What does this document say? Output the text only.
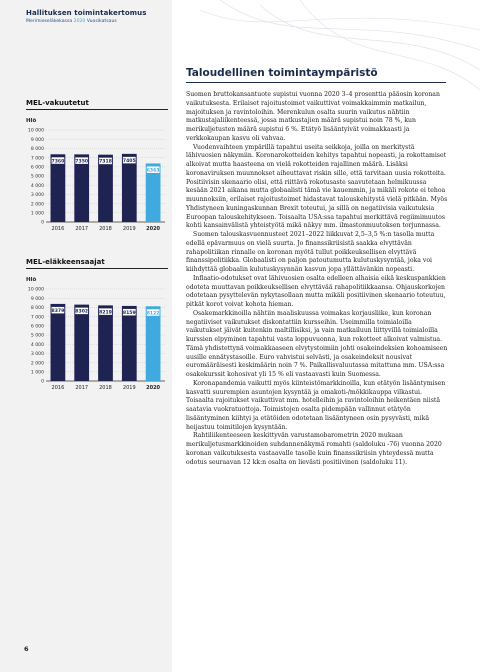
Hallituksen toimintakertomus
Merimieseläkekassa 2020 Vuosikatsaus
MEL-vakuutetut
Hlö
0
1 000
2 000
3 000
4 000
5 000
6 000
7 000
8 000
9 000
10 000
7360
2016
7350
2017
7318
2018
7405
2019
6363
2020
MEL-eläkkeensaajat
Hlö
0
1 000
2 000
3 000
4 000
5 000
6 000
7 000
8 000
9 000
10 000
8379
2016
8302
2017
8219
2018
8159
2019
8122
2020
6
Taloudellinen toimintaympäristö

Suomen bruttokansantuote supistui vuonna 2020 3–4 prosenttia pääosin koronan vaikutuksesta. Erilaiset rajoitustoimet vaikuttivat voimakkaimmin matkailun, majoituksen ja ravintoloihin. Merenkulun osalta suurin vaikutus nähtiin matkustajaliikenteessä, jossa matkustajien määrä supistui noin 78 %, kun merikuljetusten määrä supistui 6 %. Etätyö lisääntyivät voimakkaasti ja verkkokaupan kasvu oli vahvaa.

Vuodenvaihteen ympärillä tapahtui useita seikkoja, joilla on merkitystä lähivuosien näkymiin. Koronarokotteiden kehitys tapahtui nopeasti, ja rokottamiset alkoivat mutta haasteena on vielä rokotteiden rajallinen määrä. Lisäksi koronaviruksen muunnokset aiheuttavat riskin sille, että tarvitaan uusia rokotteita. Positiivisin skenaario olisi, että riittävä rokotusaste saavutetaan helmikuussa kesään 2021 aikana mutta globaalisti tämä vie kauemmin, ja mikäli rokote ei tehoa muunnoksiin, erilaiset rajoitustoimet hidastavat talouskehitystä vielä pitkään. Myös Yhdistyneen kuningaskunnan Brexit toteutui, ja sillä on negatiivisia vaikutuksia Euroopan talouskehitykseen. Toisaalta USA:ssa tapahtui merkittävä regiimimuutos kohti kansainvälistä yhteistyötä mikä näkyy mm. ilmastonmuutoksen torjunnassa.

Suomen talouskasvuennusteet 2021–2022 liikkuvat 2,5–3,5 %:n tasolla mutta edellä epävarmuus on vielä suurta. Jo finanssikriisistä saakka elvyttävän rahapolitiikan rinnalle on koronan myötä tullut poikkeuksellisen elvyttävä finanssipolitiikka. Globaalisti on paljon patoutumutta kulutuskysyntää, joka voi kiihdyttää globaalin kulutuskysynnän kasvun jopa yllättävänkin nopeasti.

Inflaatio-odotukset ovat lähivuosien osalta edelleen alhaisia eikä keskuspankkien odoteta muuttavan poikkeuksellisen elvyttävää rahapolitiikkaansa. Ohjauskorkojen odotetaan pysyttelevän nykytasollaan mutta mikäli positiivinen skenaario toteutuu, pitkät korot voivat kohota hieman.

Osakemarkkinoilla nähtiin maaliskuussa voimakas korjausliike, kun koronan negatiiviset vaikutukset diskontattiin kursseihin. Useimmilla toimialoilla vaikutukset jäivät kuitenkin maltillisiksi, ja vain matkailuun liittyvillä toimialoilla kurssien elpyminen tapahtui vasta loppuvuonna, kun rokotteet alkoivat valmistua. Tämä yhdistettynä voimakkaaseen elvytystoimiin johti osakeindeksien kohoamiseen uusille ennätystasoille. Euro vahvistui selvästi, ja osakeindeksit nousivat euromääräisesti keskimäärin noin 7 %. Paikallisvaluutassa mitattuna mm. USA:ssa osakekurssit kohosivat yli 15 % eli vastaavasti kuin Suomessa.

Koronapandemia vaikutti myös kiinteistömarkkinoilla, kun etätyön lisääntymisen kasvatti suurempien asuntojen kysyntää ja omakoti-/mökkikauppa vilkastui. Toisaalta rajoitukset vaikuttivat mm. hotelleihin ja ravintoloihin heikentäen niistä saatavia vuokratuottoja. Toimistojen osalta pidempään vallinnut etätyön lisääntyminen kiihtyi ja etätöiden odotetaan lisääntyneen osin pysyvästi, mikä heijastuu toimitilojen kysyntään.

Rahtiliikenteeseen keskittyvän varustamobarometrin 2020 mukaan merikuljetusmarkkinoiden suhdannenäkymä romahti (saldoluku -76) vuonna 2020 koronan vaikutuksesta vastaavalle tasolle kuin finanssikriisin yhteydessä mutta odotus seuraavan 12 kk:n osalta on lievästi positiivinen (saldoluku 11).
